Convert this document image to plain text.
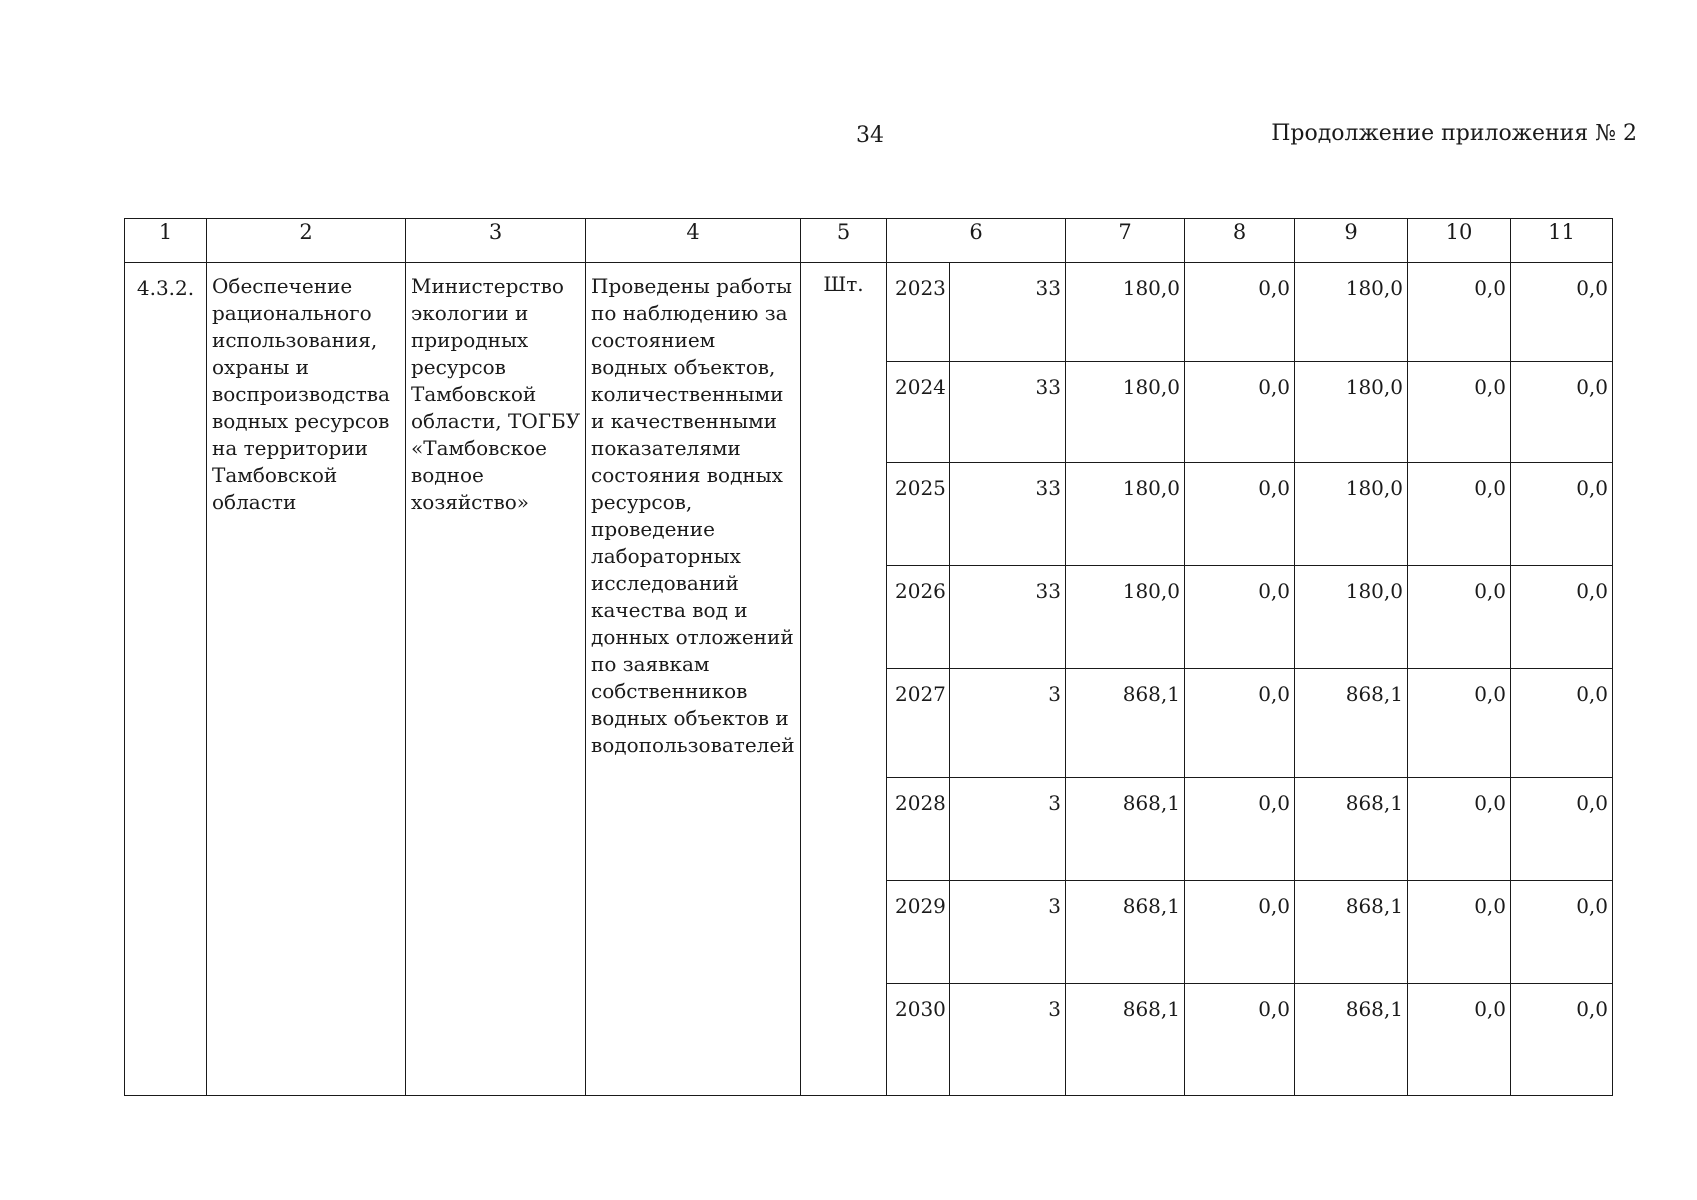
34	Продолжение приложения № 2
1	2	3	4	5	6		7	8	9	10	11
4.3.2.	Обеспечение рационального использования, охраны и воспроизводства водных ресурсов на территории Тамбовской области	Министерство экологии и природных ресурсов Тамбовской области, ТОГБУ «Тамбовское водное хозяйство»	Проведены работы по наблюдению за состоянием водных объектов, количественными и качественными показателями состояния водных ресурсов, проведение лабораторных исследований качества вод и донных отложений по заявкам собственников водных объектов и водопользователей	Шт.	2023	33	180,0	0,0	180,0	0,0	0,0
					2024	33	180,0	0,0	180,0	0,0	0,0
					2025	33	180,0	0,0	180,0	0,0	0,0
					2026	33	180,0	0,0	180,0	0,0	0,0
					2027	3	868,1	0,0	868,1	0,0	0,0
					2028	3	868,1	0,0	868,1	0,0	0,0
					2029	3	868,1	0,0	868,1	0,0	0,0
					2030	3	868,1	0,0	868,1	0,0	0,0
